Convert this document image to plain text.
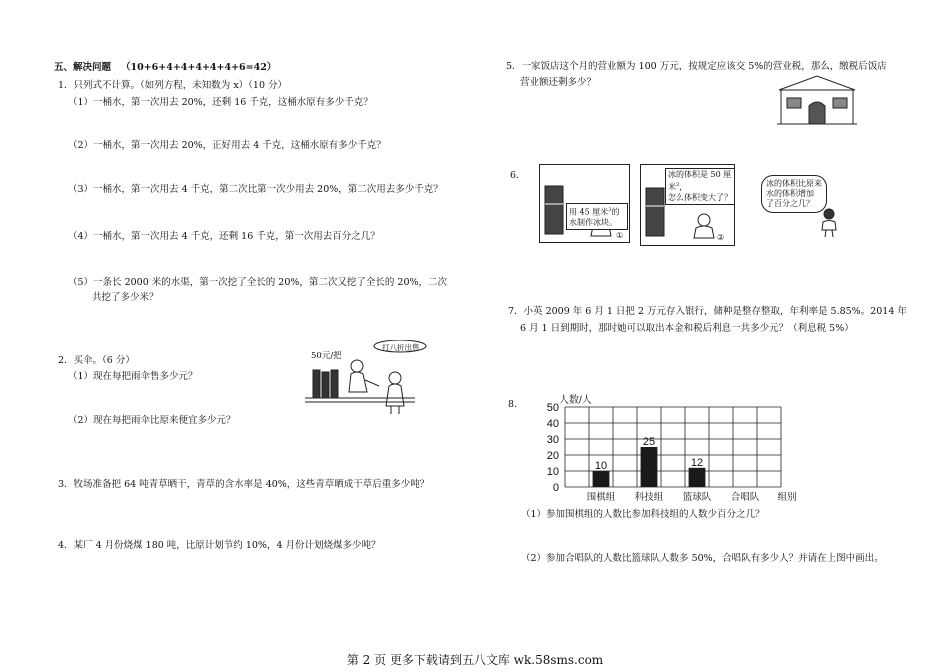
五、解决问题 （10+6+4+4+4+4+4+6=42）
1．只列式不计算。（如列方程，未知数为 x）（10 分）
（1）一桶水，第一次用去 20%，还剩 16 千克，这桶水原有多少千克？
（2）一桶水，第一次用去 20%，正好用去 4 千克，这桶水原有多少千克？
（3）一桶水，第一次用去 4 千克，第二次比第一次少用去 20%，第二次用去多少千克？
（4）一桶水，第一次用去 4 千克，还剩 16 千克，第一次用去百分之几？
（5）一条长 2000 米的水渠，第一次挖了全长的 20%，第二次又挖了全长的 20%，二次
共挖了多少米？
2．买伞。（6 分）
（1）现在每把雨伞售多少元？
（2）现在每把雨伞比原来便宜多少元？
50元/把
打八折出售
3．牧场准备把 64 吨青草晒干，青草的含水率是 40%，这些青草晒成干草后重多少吨？
4．某厂 4 月份烧煤 180 吨，比原计划节约 10%，4 月份计划烧煤多少吨？
5．一家饭店这个月的营业额为 100 万元，按规定应该交 5%的营业税，那么，缴税后饭店
营业额还剩多少？
6.
用 45 厘米$^3$的
水制作冰块。
①
冰的体积是 50 厘米$^3$，
怎么体积变大了？
②
冰的体积比原来
水的体积增加
了百分之几？
7．小英 2009 年 6 月 1 日把 2 万元存入银行，储种是整存整取，年利率是 5.85%。2014 年
6 月 1 日到期时，那时她可以取出本金和税后利息一共多少元？（利息税 5%）
8.
0
10
20
30
40
50
人数/人
10
围棋组
25
科技组
12
篮球队 合唱队 组别
（1）参加围棋组的人数比参加科技组的人数少百分之几？
（2）参加合唱队的人数比篮球队人数多 50%，合唱队有多少人？并请在上图中画出。
第 2 页 更多下载请到五八文库 wk.58sms.com
